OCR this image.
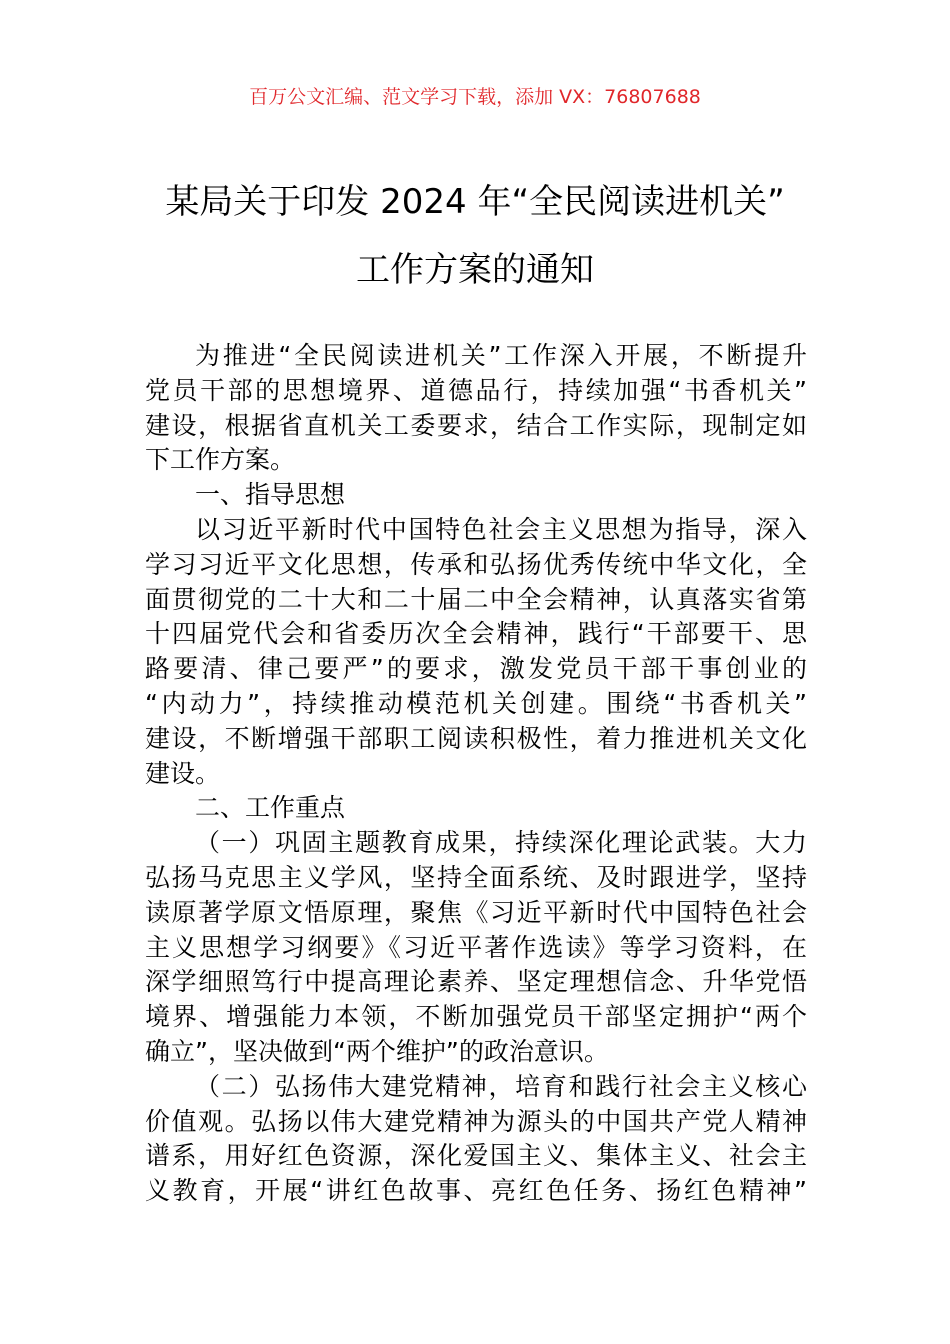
百万公文汇编、范文学习下载，添加 VX：76807688
某局关于印发 2024 年“全民阅读进机关”
工作方案的通知
为推进“全民阅读进机关”工作深入开展，不断提升
党员干部的思想境界、道德品行，持续加强“书香机关”
建设，根据省直机关工委要求，结合工作实际，现制定如
下工作方案。
一、指导思想
以习近平新时代中国特色社会主义思想为指导，深入
学习习近平文化思想，传承和弘扬优秀传统中华文化，全
面贯彻党的二十大和二十届二中全会精神，认真落实省第
十四届党代会和省委历次全会精神，践行“干部要干、思
路要清、律己要严”的要求，激发党员干部干事创业的
“内动力”，持续推动模范机关创建。围绕“书香机关”
建设，不断增强干部职工阅读积极性，着力推进机关文化
建设。
二、工作重点
（一）巩固主题教育成果，持续深化理论武装。大力
弘扬马克思主义学风，坚持全面系统、及时跟进学，坚持
读原著学原文悟原理，聚焦《习近平新时代中国特色社会
主义思想学习纲要》《习近平著作选读》等学习资料，在
深学细照笃行中提高理论素养、坚定理想信念、升华党悟
境界、增强能力本领，不断加强党员干部坚定拥护“两个
确立”，坚决做到“两个维护”的政治意识。
（二）弘扬伟大建党精神，培育和践行社会主义核心
价值观。弘扬以伟大建党精神为源头的中国共产党人精神
谱系，用好红色资源，深化爱国主义、集体主义、社会主
义教育，开展“讲红色故事、亮红色任务、扬红色精神”
